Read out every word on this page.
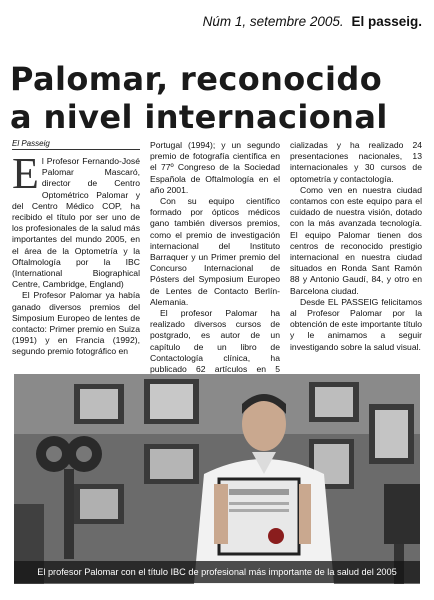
Núm 1, setembre 2005. El passeig.
Palomar, reconocido
a nivel internacional
El Passeig

El Profesor Fernando-José Palomar Mascaró, director de Centro Optométrico Palomar y del Centro Médico COP, ha recibido el título por ser uno de los profesionales de la salud más importantes del mundo 2005, en el área de la Optometría y la Oftalmología por la IBC (International Biographical Centre, Cambridge, England)

El Profesor Palomar ya había ganado diversos premios del Simposium Europeo de lentes de contacto: Primer premio en Suiza (1991) y en Francia (1992), segundo premio fotográfico en

Portugal (1994); y un segundo premio de fotografía científica en el 77º Congreso de la Sociedad Española de Oftalmología en el año 2001.

Con su equipo científico formado por ópticos médicos gano también diversos premios, como el premio de investigación internacional del Instituto Barraquer y un Primer premio del Concurso Internacional de Pósters del Symposium Europeo de Lentes de Contacto Berlín-Alemania.

El profesor Palomar ha realizado diversos cursos de postgrado, es autor de un capítulo de un libro de Contactología clínica, ha publicado 62 artículos en 5

cializadas y ha realizado 24 presentaciones nacionales, 13 internacionales y 30 cursos de optometría y contactología.

Como ven en nuestra ciudad contamos con este equipo para el cuidado de nuestra visión, dotado con la más avanzada tecnología. El equipo Palomar tienen dos centros de reconocido prestigio internacional en nuestra ciudad situados en Ronda Sant Ramón 88 y Antonio Gaudí, 84, y otro en Barcelona ciudad.

Desde EL PASSEIG felicitamos al Profesor Palomar por la obtención de este importante título y le animamos a seguir investigando sobre la salud visual.

El profesor Palomar con el título IBC de profesional más importante de la salud del 2005
